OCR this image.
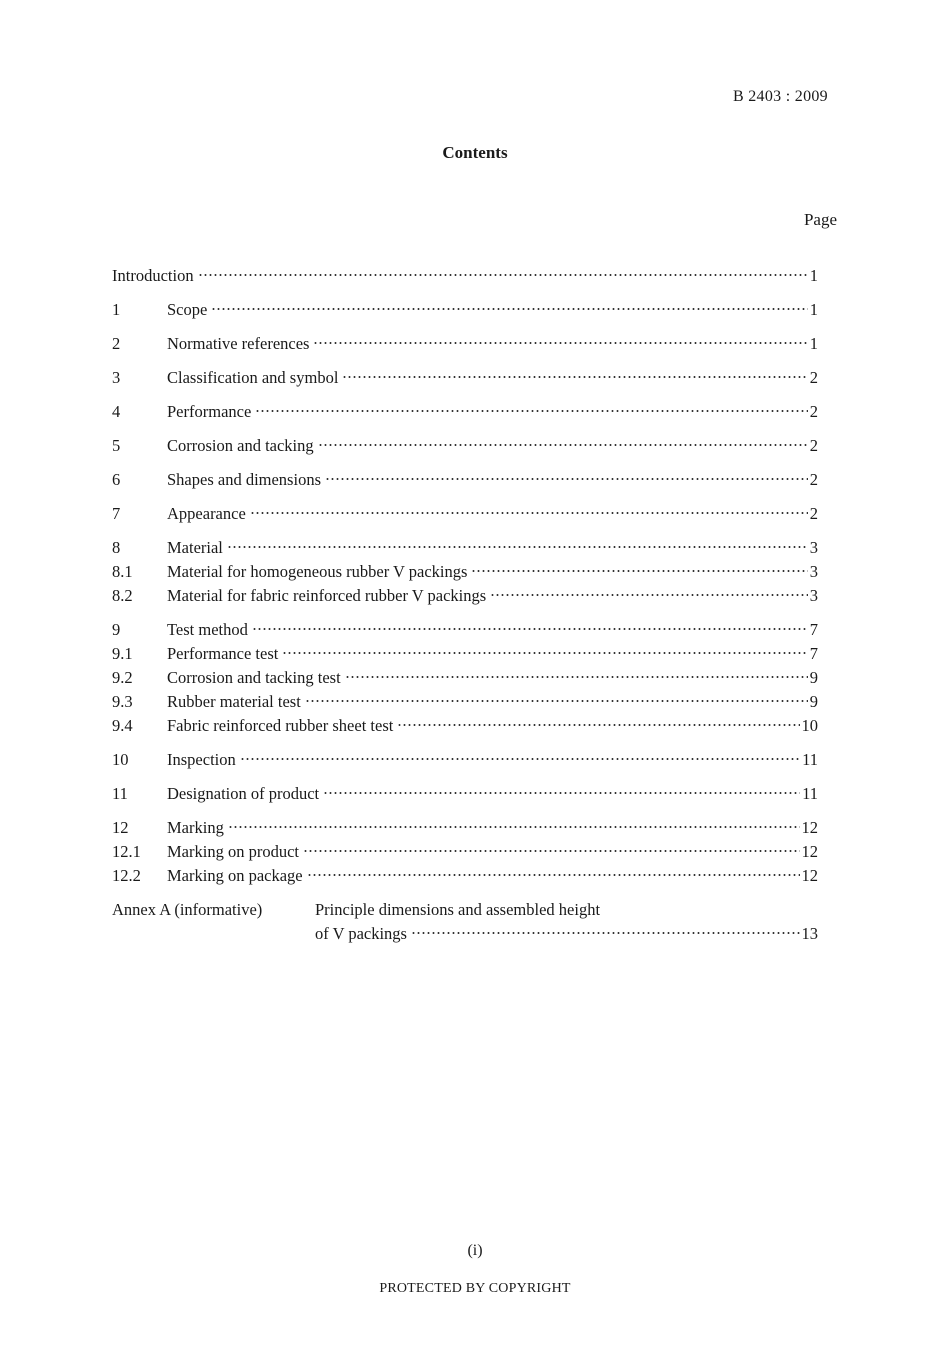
B 2403 : 2009
Contents
Page
Introduction	1
1	Scope	1
2	Normative references	1
3	Classification and symbol	2
4	Performance	2
5	Corrosion and tacking	2
6	Shapes and dimensions	2
7	Appearance	2
8	Material	3
8.1	Material for homogeneous rubber V packings	3
8.2	Material for fabric reinforced rubber V packings	3
9	Test method	7
9.1	Performance test	7
9.2	Corrosion and tacking test	9
9.3	Rubber material test	9
9.4	Fabric reinforced rubber sheet test	10
10	Inspection	11
11	Designation of product	11
12	Marking	12
12.1	Marking on product	12
12.2	Marking on package	12
Annex A (informative)	Principle dimensions and assembled height
of V packings	13
(i)
PROTECTED BY COPYRIGHT
